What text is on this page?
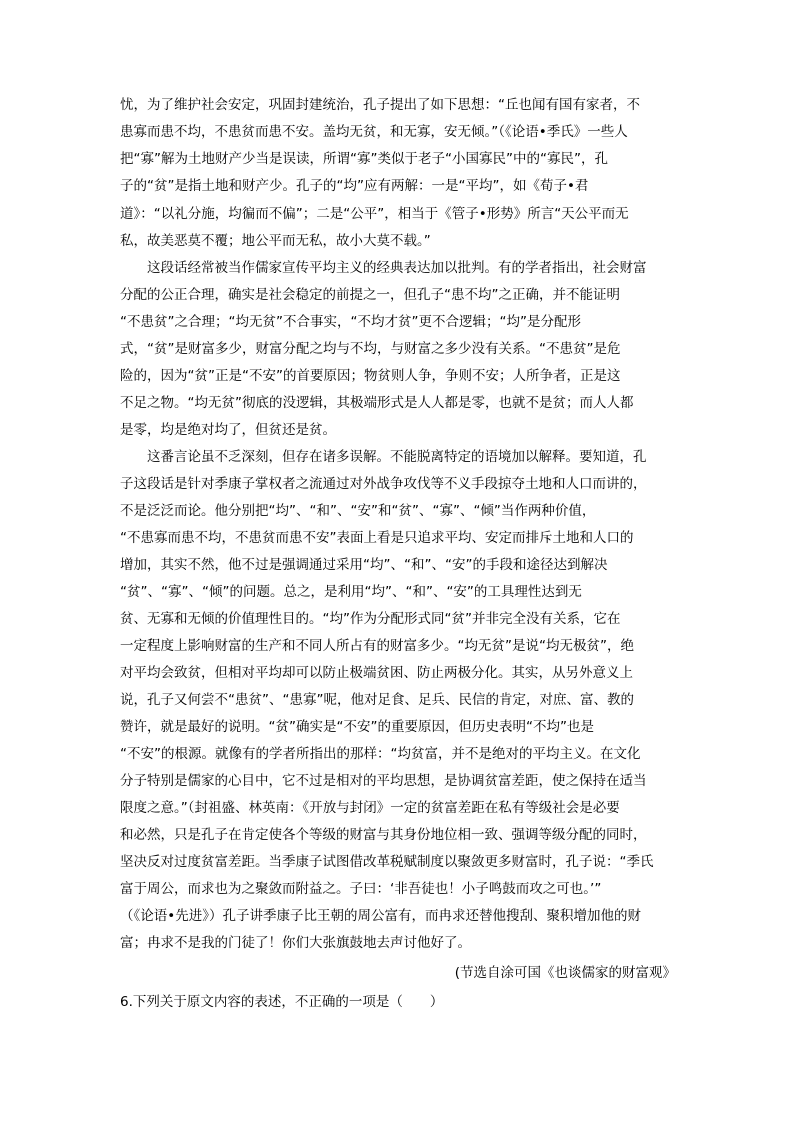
忧，为了维护社会安定，巩固封建统治，孔子提出了如下思想：“丘也闻有国有家者，不
患寡而患不均，不患贫而患不安。盖均无贫，和无寡，安无倾。”（《论语•季氏》一些人
把“寡”解为土地财产少当是误读，所谓“寡”类似于老子“小国寡民”中的“寡民”，孔
子的“贫”是指土地和财产少。孔子的“均”应有两解：一是“平均”，如《荀子•君
道》：“以礼分施，均徧而不偏”；二是“公平”，相当于《管子•形势》所言“天公平而无
私，故美恶莫不覆；地公平而无私，故小大莫不载。”
这段话经常被当作儒家宣传平均主义的经典表达加以批判。有的学者指出，社会财富
分配的公正合理，确实是社会稳定的前提之一，但孔子“患不均”之正确，并不能证明
“不患贫”之合理；“均无贫”不合事实，“不均才贫”更不合逻辑；“均”是分配形
式，“贫”是财富多少，财富分配之均与不均，与财富之多少没有关系。“不患贫”是危
险的，因为“贫”正是“不安”的首要原因；物贫则人争，争则不安；人所争者，正是这
不足之物。“均无贫”彻底的没逻辑，其极端形式是人人都是零，也就不是贫；而人人都
是零，均是绝对均了，但贫还是贫。
这番言论虽不乏深刻，但存在诸多误解。不能脱离特定的语境加以解释。要知道，孔
子这段话是针对季康子掌权者之流通过对外战争攻伐等不义手段掠夺土地和人口而讲的，
不是泛泛而论。他分别把“均”、“和”、“安”和“贫”、“寡”、“倾”当作两种价值，
“不患寡而患不均，不患贫而患不安”表面上看是只追求平均、安定而排斥土地和人口的
增加，其实不然，他不过是强调通过采用“均”、“和”、“安”的手段和途径达到解决
“贫”、“寡”、“倾”的问题。总之，是利用“均”、“和”、“安”的工具理性达到无
贫、无寡和无倾的价值理性目的。“均”作为分配形式同“贫”并非完全没有关系，它在
一定程度上影响财富的生产和不同人所占有的财富多少。“均无贫”是说“均无极贫”，绝
对平均会致贫，但相对平均却可以防止极端贫困、防止两极分化。其实，从另外意义上
说，孔子又何尝不“患贫”、“患寡”呢，他对足食、足兵、民信的肯定，对庶、富、教的
赞许，就是最好的说明。“贫”确实是“不安”的重要原因，但历史表明“不均”也是
“不安”的根源。就像有的学者所指出的那样：“均贫富，并不是绝对的平均主义。在文化
分子特别是儒家的心目中，它不过是相对的平均思想，是协调贫富差距，使之保持在适当
限度之意。”（封祖盛、林英南：《开放与封闭》一定的贫富差距在私有等级社会是必要
和必然，只是孔子在肯定使各个等级的财富与其身份地位相一致、强调等级分配的同时，
坚决反对过度贫富差距。当季康子试图借改革税赋制度以聚敛更多财富时，孔子说：“季氏
富于周公，而求也为之聚敛而附益之。子曰：‘非吾徒也！小子鸣鼓而攻之可也。’”
（《论语•先进》）孔子讲季康子比王朝的周公富有，而冉求还替他搜刮、聚积增加他的财
富；冉求不是我的门徒了！你们大张旗鼓地去声讨他好了。
(节选自涂可国《也谈儒家的财富观》
6.下列关于原文内容的表述，不正确的一项是（　　）
